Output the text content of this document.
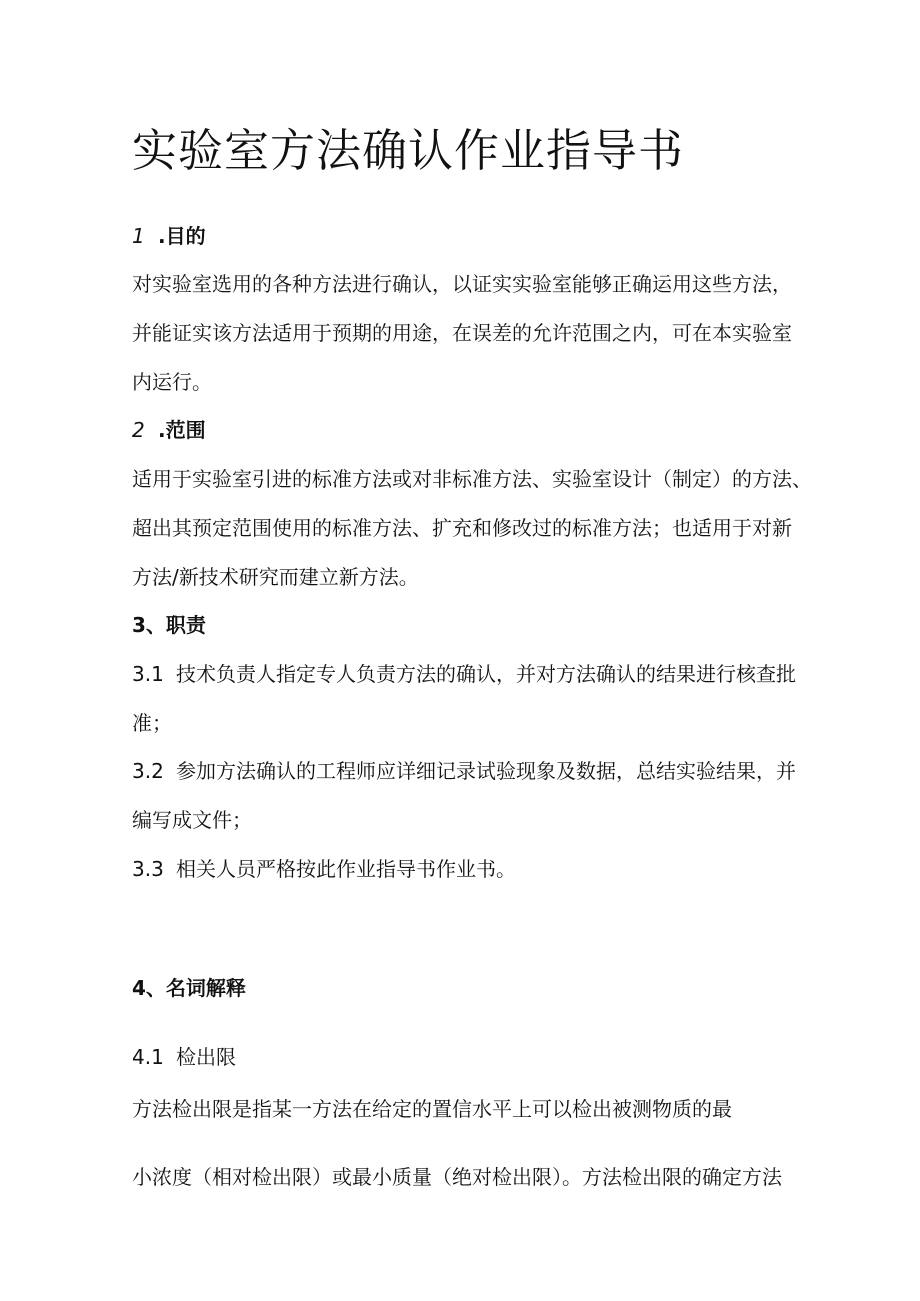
实验室方法确认作业指导书
1 .目的

对实验室选用的各种方法进行确认，以证实实验室能够正确运用这些方法，

并能证实该方法适用于预期的用途，在误差的允许范围之内，可在本实验室

内运行。

2 .范围

适用于实验室引进的标准方法或对非标准方法、实验室设计（制定）的方法、

超出其预定范围使用的标准方法、扩充和修改过的标准方法；也适用于对新

方法/新技术研究而建立新方法。

3、职责

3.1 技术负责人指定专人负责方法的确认，并对方法确认的结果进行核查批

准；

3.2 参加方法确认的工程师应详细记录试验现象及数据，总结实验结果，并

编写成文件；

3.3 相关人员严格按此作业指导书作业书。

4、名词解释

4.1 检出限

方法检出限是指某一方法在给定的置信水平上可以检出被测物质的最

小浓度（相对检出限）或最小质量（绝对检出限）。方法检出限的确定方法
